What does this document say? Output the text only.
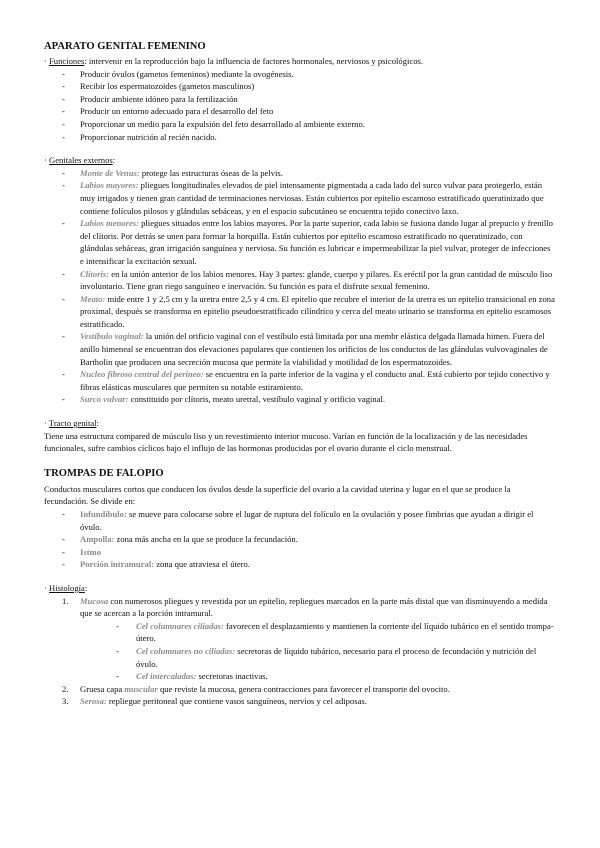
APARATO GENITAL FEMENINO

· Funciones: intervenir en la reproducción bajo la influencia de factores hormonales, nerviosos y psicológicos.

- Producir óvulos (gametos femeninos) mediante la ovogénesis.
- Recibir los espermatozoides (gametos masculinos)
- Producir ambiente idóneo para la fertilización
- Producir un entorno adecuado para el desarrollo del feto
- Proporcionar un medio para la expulsión del feto desarrollado al ambiente externo.
- Proporcionar nutrición al recién nacido.

· Genitales externos:

- Monte de Venus: protege las estructuras óseas de la pelvis.
- Labios mayores: pliegues longitudinales elevados de piel intensamente pigmentada a cada lado del surco vulvar para protegerlo, están muy irrigados y tienen gran cantidad de terminaciones nerviosas. Están cubiertos por epitelio escamoso estratificado queratinizado que contiene folículos pilosos y glándulas sebáceas, y en el espacio subcutáneo se encuentra tejido conectivo laxo.
- Labios menores: pliegues situados entre los labios mayores. Por la parte superior, cada labio se fusiona dando lugar al prepucio y frenillo del clítoris. Por detrás se unen para formar la horquilla. Están cubiertos por epitelio escamoso estratificado no queratinizado, con glándulas sebáceas, gran irrigación sanguínea y nerviosa. Su función es lubricar e impermeabilizar la piel vulvar, proteger de infecciones e intensificar la excitación sexual.
- Clítoris: en la unión anterior de los labios menores. Hay 3 partes: glande, cuerpo y pilares. Es eréctil por la gran cantidad de músculo liso involuntario. Tiene gran riego sanguíneo e inervación. Su función es para el disfrute sexual femenino.
- Meato: mide entre 1 y 2,5 cm y la uretra entre 2,5 y 4 cm. El epitelio que recubre el interior de la uretra es un epitelio transicional en zona proximal, después se transforma en epitelio pseudoestratificado cilíndrico y cerca del meato urinario se transforma en epitelio escamosos estratificado.
- Vestíbulo vaginal: la unión del orificio vaginal con el vestíbulo está limitada por una membr elástica delgada llamada himen. Fuera del anillo himeneal se encuentran dos elevaciones papulares que contienen los orificios de los conductos de las glándulas vulvovaginales de Bartholin que producen una secreción mucosa que permite la viabilidad y motilidad de los espermatozoides.
- Nucleo fibroso central del perineo: se encuentra en la parte inferior de la vagina y el conducto anal. Está cubierto por tejido conectivo y fibras elásticas musculares que permiten su notable estiramiento.
- Surco vulvar: constituido por clítoris, meato uretral, vestíbulo vaginal y orificio vaginal.

· Tracto genital:

Tiene una estructura compared de músculo liso y un revestimiento interior mucoso. Varían en función de la localización y de las necesidades funcionales, sufre cambios cíclicos bajo el influjo de las hormonas producidas por el ovario durante el ciclo menstrual.

TROMPAS DE FALOPIO

Conductos musculares cortos que conducen los óvulos desde la superficie del ovario a la cavidad uterina y lugar en el que se produce la fecundación. Se divide en:

- Infundíbulo: se mueve para colocarse sobre el lugar de ruptura del folículo en la ovulación y posee fimbrias que ayudan a dirigir el óvulo.
- Ampolla: zona más ancha en la que se produce la fecundación.
- Istmo
- Porción intramural: zona que atraviesa el útero.

· Histología:

1. Mucosa con numerosos pliegues y revestida por un epitelio, repliegues marcados en la parte más distal que van disminuyendo a medida que se acercan a la porción intramural.
- Cel columnares ciliadas: favorecen el desplazamiento y mantienen la corriente del líquido tubárico en el sentido trompa-útero.
- Cel columnares no ciliadas: secretoras de líquido tubárico, necesario para el proceso de fecundación y nutrición del óvulo.
- Cel intercaladas: secretoras inactivas.
2. Gruesa capa muscular que reviste la mucosa, genera contracciones para favorecer el transporte del ovocito.
3. Serosa: repliegue peritoneal que contiene vasos sanguíneos, nervios y cel adiposas.
